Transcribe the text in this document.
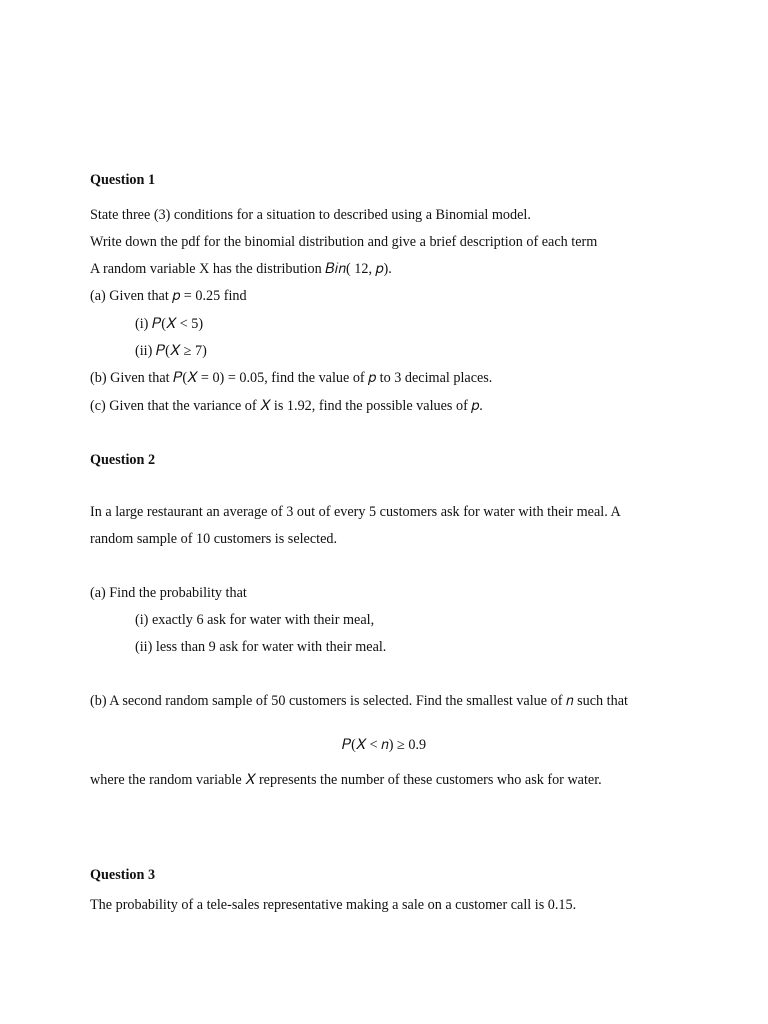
Question 1
State three (3) conditions for a situation to described using a Binomial model.
Write down the pdf for the binomial distribution and give a brief description of each term
A random variable X has the distribution 𝐵𝑖𝑛( 12, 𝑝).
(a) Given that 𝑝 = 0.25 find
(i) 𝑃(𝑋 < 5)
(ii) 𝑃(𝑋 ≥ 7)
(b) Given that 𝑃(𝑋 = 0) = 0.05, find the value of 𝑝 to 3 decimal places.
(c) Given that the variance of 𝑋 is 1.92, find the possible values of 𝑝.
Question 2
In a large restaurant an average of 3 out of every 5 customers ask for water with their meal. A
random sample of 10 customers is selected.
(a) Find the probability that
(i) exactly 6 ask for water with their meal,
(ii) less than 9 ask for water with their meal.
(b) A second random sample of 50 customers is selected. Find the smallest value of 𝑛 such that
𝑃(𝑋 < 𝑛) ≥ 0.9
where the random variable 𝑋 represents the number of these customers who ask for water.
Question 3
The probability of a tele-sales representative making a sale on a customer call is 0.15.
